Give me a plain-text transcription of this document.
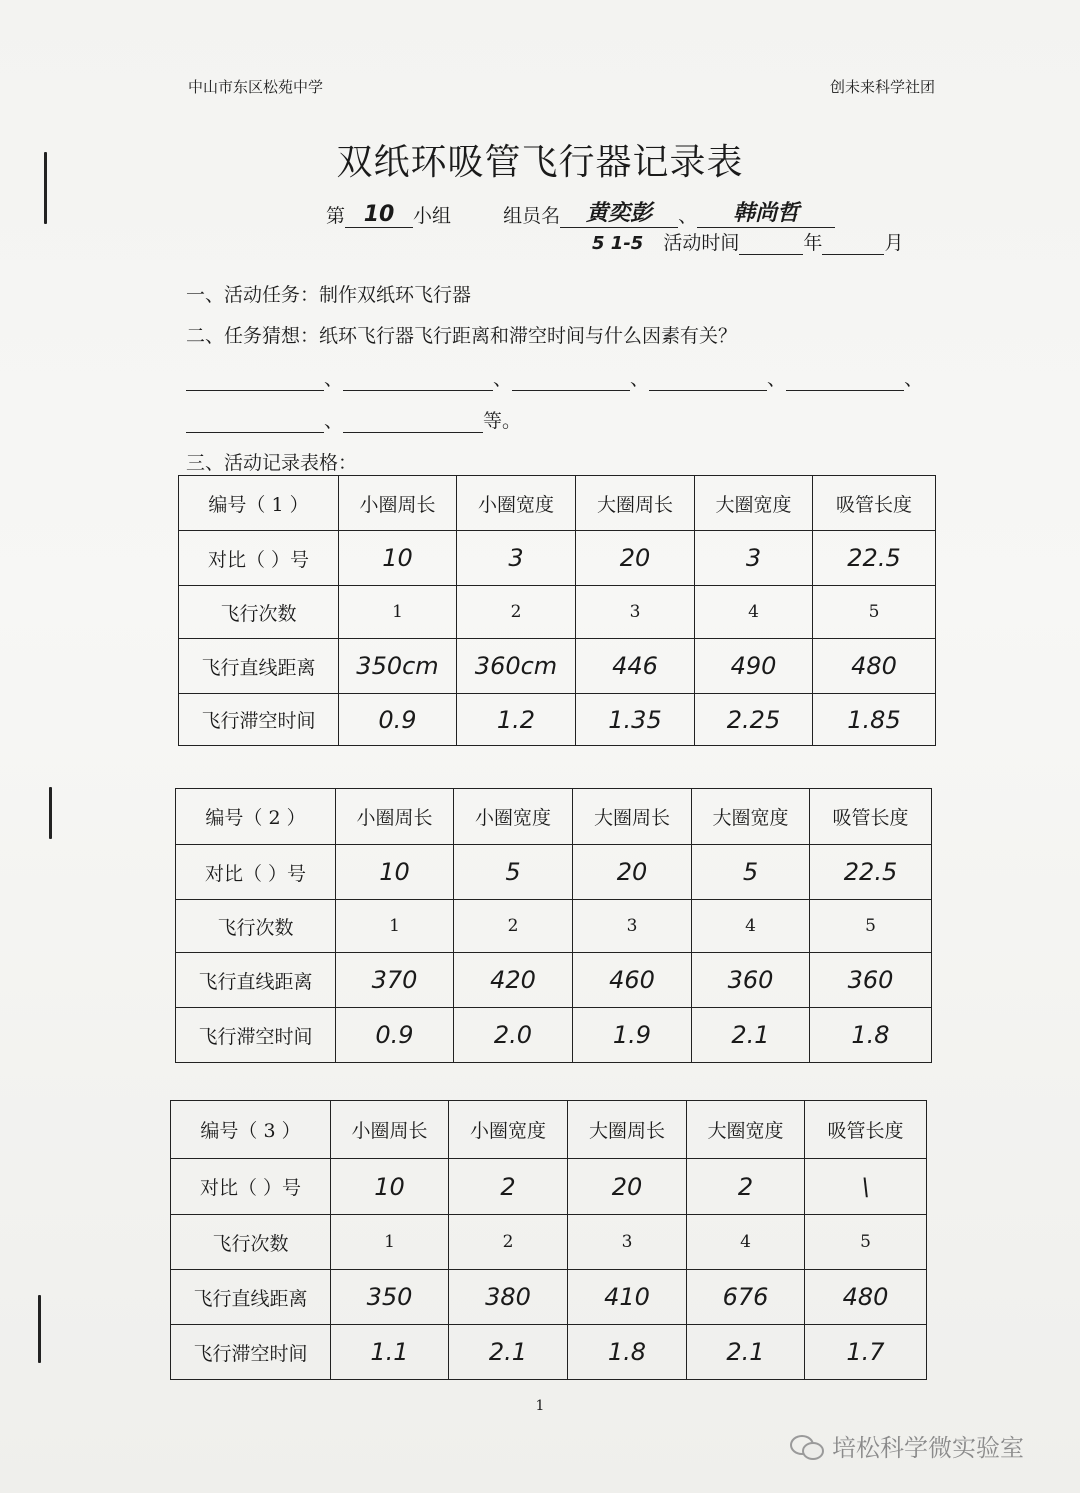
中山市东区松苑中学	创未来科学社团
双纸环吸管飞行器记录表
第 10 小组	组员名 黄奕彭 、 韩尚哲
5 1-5 活动时间	年	月
一、活动任务：制作双纸环飞行器
二、任务猜想：纸环飞行器飞行距离和滞空时间与什么因素有关？
、	、	、	、	、
、	等。
三、活动记录表格：
编号（ 1 ）	小圈周长	小圈宽度	大圈周长	大圈宽度	吸管长度
对比（ ）号	10	3	20	3	22.5
飞行次数	1	2	3	4	5
飞行直线距离	350cm	360cm	446	490	480
飞行滞空时间	0.9	1.2	1.35	2.25	1.85
编号（ 2 ）	小圈周长	小圈宽度	大圈周长	大圈宽度	吸管长度
对比（ ）号	10	5	20	5	22.5
飞行次数	1	2	3	4	5
飞行直线距离	370	420	460	360	360
飞行滞空时间	0.9	2.0	1.9	2.1	1.8
编号（ 3 ）	小圈周长	小圈宽度	大圈周长	大圈宽度	吸管长度
对比（ ）号	10	2	20	2	\
飞行次数	1	2	3	4	5
飞行直线距离	350	380	410	676	480
飞行滞空时间	1.1	2.1	1.8	2.1	1.7
1
培松科学微实验室
